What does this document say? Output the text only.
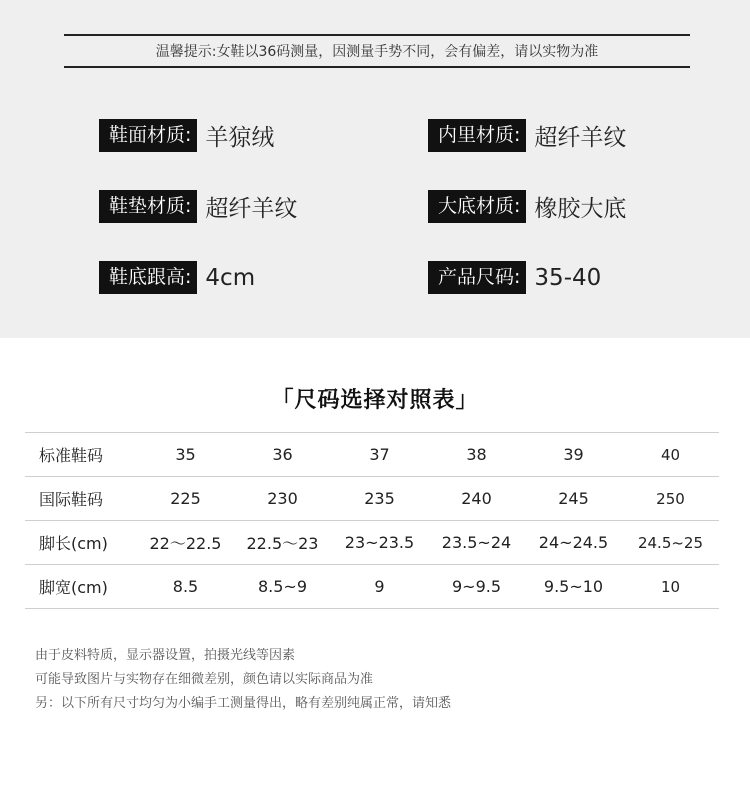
温馨提示:女鞋以36码测量，因测量手势不同，会有偏差，请以实物为准
鞋面材质: 羊猄绒	内里材质: 超纤羊纹
鞋垫材质: 超纤羊纹	大底材质: 橡胶大底
鞋底跟高: 4cm	产品尺码: 35-40
「尺码选择对照表」
标准鞋码	35	36	37	38	39	40
国际鞋码	225	230	235	240	245	250
脚长(cm)	22～22.5	22.5～23	23~23.5	23.5~24	24~24.5	24.5~25
脚宽(cm)	8.5	8.5~9	9	9~9.5	9.5~10	10
由于皮料特质，显示器设置，拍摄光线等因素
可能导致图片与实物存在细微差别，颜色请以实际商品为准
另：以下所有尺寸均匀为小编手工测量得出，略有差别纯属正常，请知悉
